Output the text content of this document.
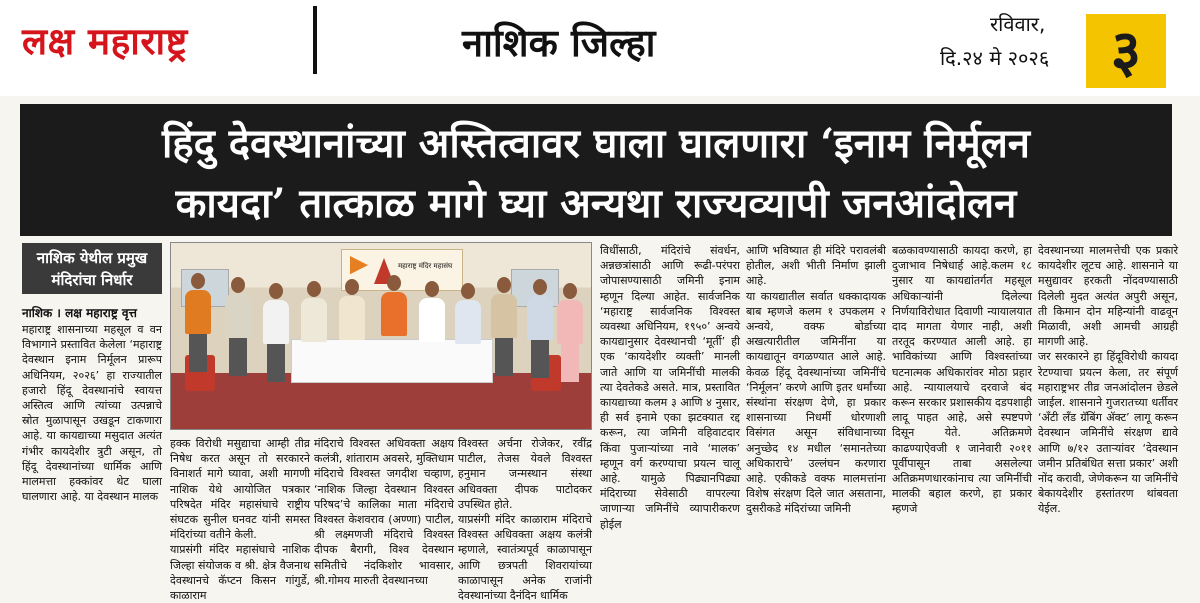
लक्ष महाराष्ट्र	नाशिक जिल्हा	रविवार,
दि.२४ मे २०२६	३
हिंदु देवस्थानांच्या अस्तित्वावर घाला घालणारा ‘इनाम निर्मूलन
कायदा’ तात्काळ मागे घ्या अन्यथा राज्यव्यापी जनआंदोलन
नाशिक येथील प्रमुख
मंदिरांचा निर्धार
नाशिक । लक्ष महाराष्ट्र वृत्त
महाराष्ट्र शासनाच्या महसूल व वन विभागाने प्रस्तावित केलेला ‘महाराष्ट्र देवस्थान इनाम निर्मूलन प्रारूप अधिनियम, २०२६’ हा राज्यातील हजारो हिंदू देवस्थानांचे स्वायत्त अस्तित्व आणि त्यांच्या उत्पन्नाचे स्रोत मुळापासून उखडून टाकणारा आहे. या कायद्याच्या मसुदात अत्यंत गंभीर कायदेशीर त्रुटी असून, तो हिंदू देवस्थानांच्या धार्मिक आणि मालमत्ता हक्कांवर थेट घाला घालणारा आहे. या देवस्थान मालक
महाराष्ट्र मंदिर महासंघ
हक्क विरोधी मसुद्याचा आम्ही तीव्र निषेध करत असून तो सरकारने विनाशर्त मागे घ्यावा, अशी मागणी नाशिक येथे आयोजित पत्रकार परिषदेत मंदिर महासंघाचे राष्ट्रीय संघटक सुनील घनवट यांनी समस्त मंदिरांच्या वतीने केली.
याप्रसंगी मंदिर महासंघाचे नाशिक जिल्हा संयोजक व श्री. क्षेत्र वैजनाथ देवस्थानचे कॅप्टन किसन गांगुर्डे, काळाराम
मंदिराचे विश्वस्त अधिवक्ता अक्षय कलंत्री, शांताराम अवसरे, मुक्तिधाम मंदिराचे विश्वस्त जगदीश चव्हाण, ‘नाशिक जिल्हा देवस्थान विश्वस्त परिषद’चे कालिका माता मंदिराचे विश्वस्त केशवराव (अण्णा) पाटील, श्री लक्ष्मणजी मंदिराचे विश्वस्त दीपक बैरागी, विश्व देवस्थान समितीचे नंदकिशोर भावसार, श्री.गोमय मारुती देवस्थानच्या
विश्वस्त अर्चना रोजेकर, रवींद्र पाटील, तेजस येवले विश्वस्त हनुमान जन्मस्थान संस्था अधिवक्ता दीपक पाटोदकर उपस्थित होते.
याप्रसंगी मंदिर काळाराम मंदिराचे विश्वस्त अधिवक्ता अक्षय कलंत्री म्हणाले, स्वातंत्र्यपूर्व काळापासून आणि छत्रपती शिवरायांच्या काळापासून अनेक राजांनी देवस्थानांच्या दैनंदिन धार्मिक
विधींसाठी, मंदिरांचे संवर्धन, अन्नछत्रांसाठी आणि रूढी-परंपरा जोपासण्यासाठी जमिनी इनाम म्हणून दिल्या आहेत. सार्वजनिक ‘महाराष्ट्र सार्वजनिक विश्वस्त व्यवस्था अधिनियम, १९५०’ अन्वये कायद्यानुसार देवस्थानची ‘मूर्ती’ ही एक ‘कायदेशीर व्यक्ती’ मानली जाते आणि या जमिनींची मालकी त्या देवतेकडे असते. मात्र, प्रस्तावित कायद्याच्या कलम ३ आणि ४ नुसार, ही सर्व इनामे एका झटक्यात रद्द करून, त्या जमिनी वहिवाटदार किंवा पुजाऱ्यांच्या नावे ‘मालक’ म्हणून वर्ग करण्याचा प्रयत्न चालू आहे. यामुळे पिढ्यानपिढ्या मंदिराच्या सेवेसाठी वापरल्या जाणाऱ्या जमिनींचे व्यापारीकरण होईल
आणि भविष्यात ही मंदिरे परावलंबी होतील, अशी भीती निर्माण झाली आहे.
या कायद्यातील सर्वात धक्कादायक बाब म्हणजे कलम १ उपकलम २ अन्वये, वक्फ बोर्डाच्या अखत्यारीतील जमिनींना या कायद्यातून वगळण्यात आले आहे. केवळ हिंदू देवस्थानांच्या जमिनींचे ‘निर्मूलन’ करणे आणि इतर धर्मांच्या संस्थांना संरक्षण देणे, हा प्रकार शासनाच्या निधर्मी धोरणाशी विसंगत असून संविधानाच्या अनुच्छेद १४ मधील ‘समानतेच्या अधिकाराचे’ उल्लंघन करणारा आहे. एकीकडे वक्फ मालमत्तांना विशेष संरक्षण दिले जात असताना, दुसरीकडे मंदिरांच्या जमिनी
बळकावण्यासाठी कायदा करणे, हा दुजाभाव निषेधार्ह आहे.कलम १८ नुसार या कायद्यांतर्गत महसूल अधिकाऱ्यांनी दिलेल्या निर्णयाविरोधात दिवाणी न्यायालयात दाद मागता येणार नाही, अशी तरतूद करण्यात आली आहे. हा भाविकांच्या आणि विश्वस्तांच्या घटनात्मक अधिकारांवर मोठा प्रहार आहे. न्यायालयाचे दरवाजे बंद करून सरकार प्रशासकीय दडपशाही लादू पाहत आहे, असे स्पष्टपणे दिसून येते. अतिक्रमणे काढण्याऐवजी १ जानेवारी २०११ पूर्वीपासून ताबा असलेल्या अतिक्रमणधारकांनाच त्या जमिनींची मालकी बहाल करणे, हा प्रकार म्हणजे
देवस्थानच्या मालमत्तेची एक प्रकारे कायदेशीर लूटच आहे. शासनाने या मसुद्यावर हरकती नोंदवण्यासाठी दिलेली मुदत अत्यंत अपुरी असून, ती किमान दोन महिन्यांनी वाढवून मिळावी, अशी आमची आग्रही मागणी आहे.
जर सरकारने हा हिंदूविरोधी कायदा रेटण्याचा प्रयत्न केला, तर संपूर्ण महाराष्ट्रभर तीव्र जनआंदोलन छेडले जाईल. शासनाने गुजरातच्या धर्तीवर ‘अँटी लँड ग्रॅबिंग ॲक्ट’ लागू करून देवस्थान जमिनींचे संरक्षण द्यावे आणि ७/१२ उताऱ्यांवर ‘देवस्थान जमीन प्रतिबंधित सत्ता प्रकार’ अशी नोंद करावी, जेणेकरून या जमिनींचे बेकायदेशीर हस्तांतरण थांबवता येईल.
